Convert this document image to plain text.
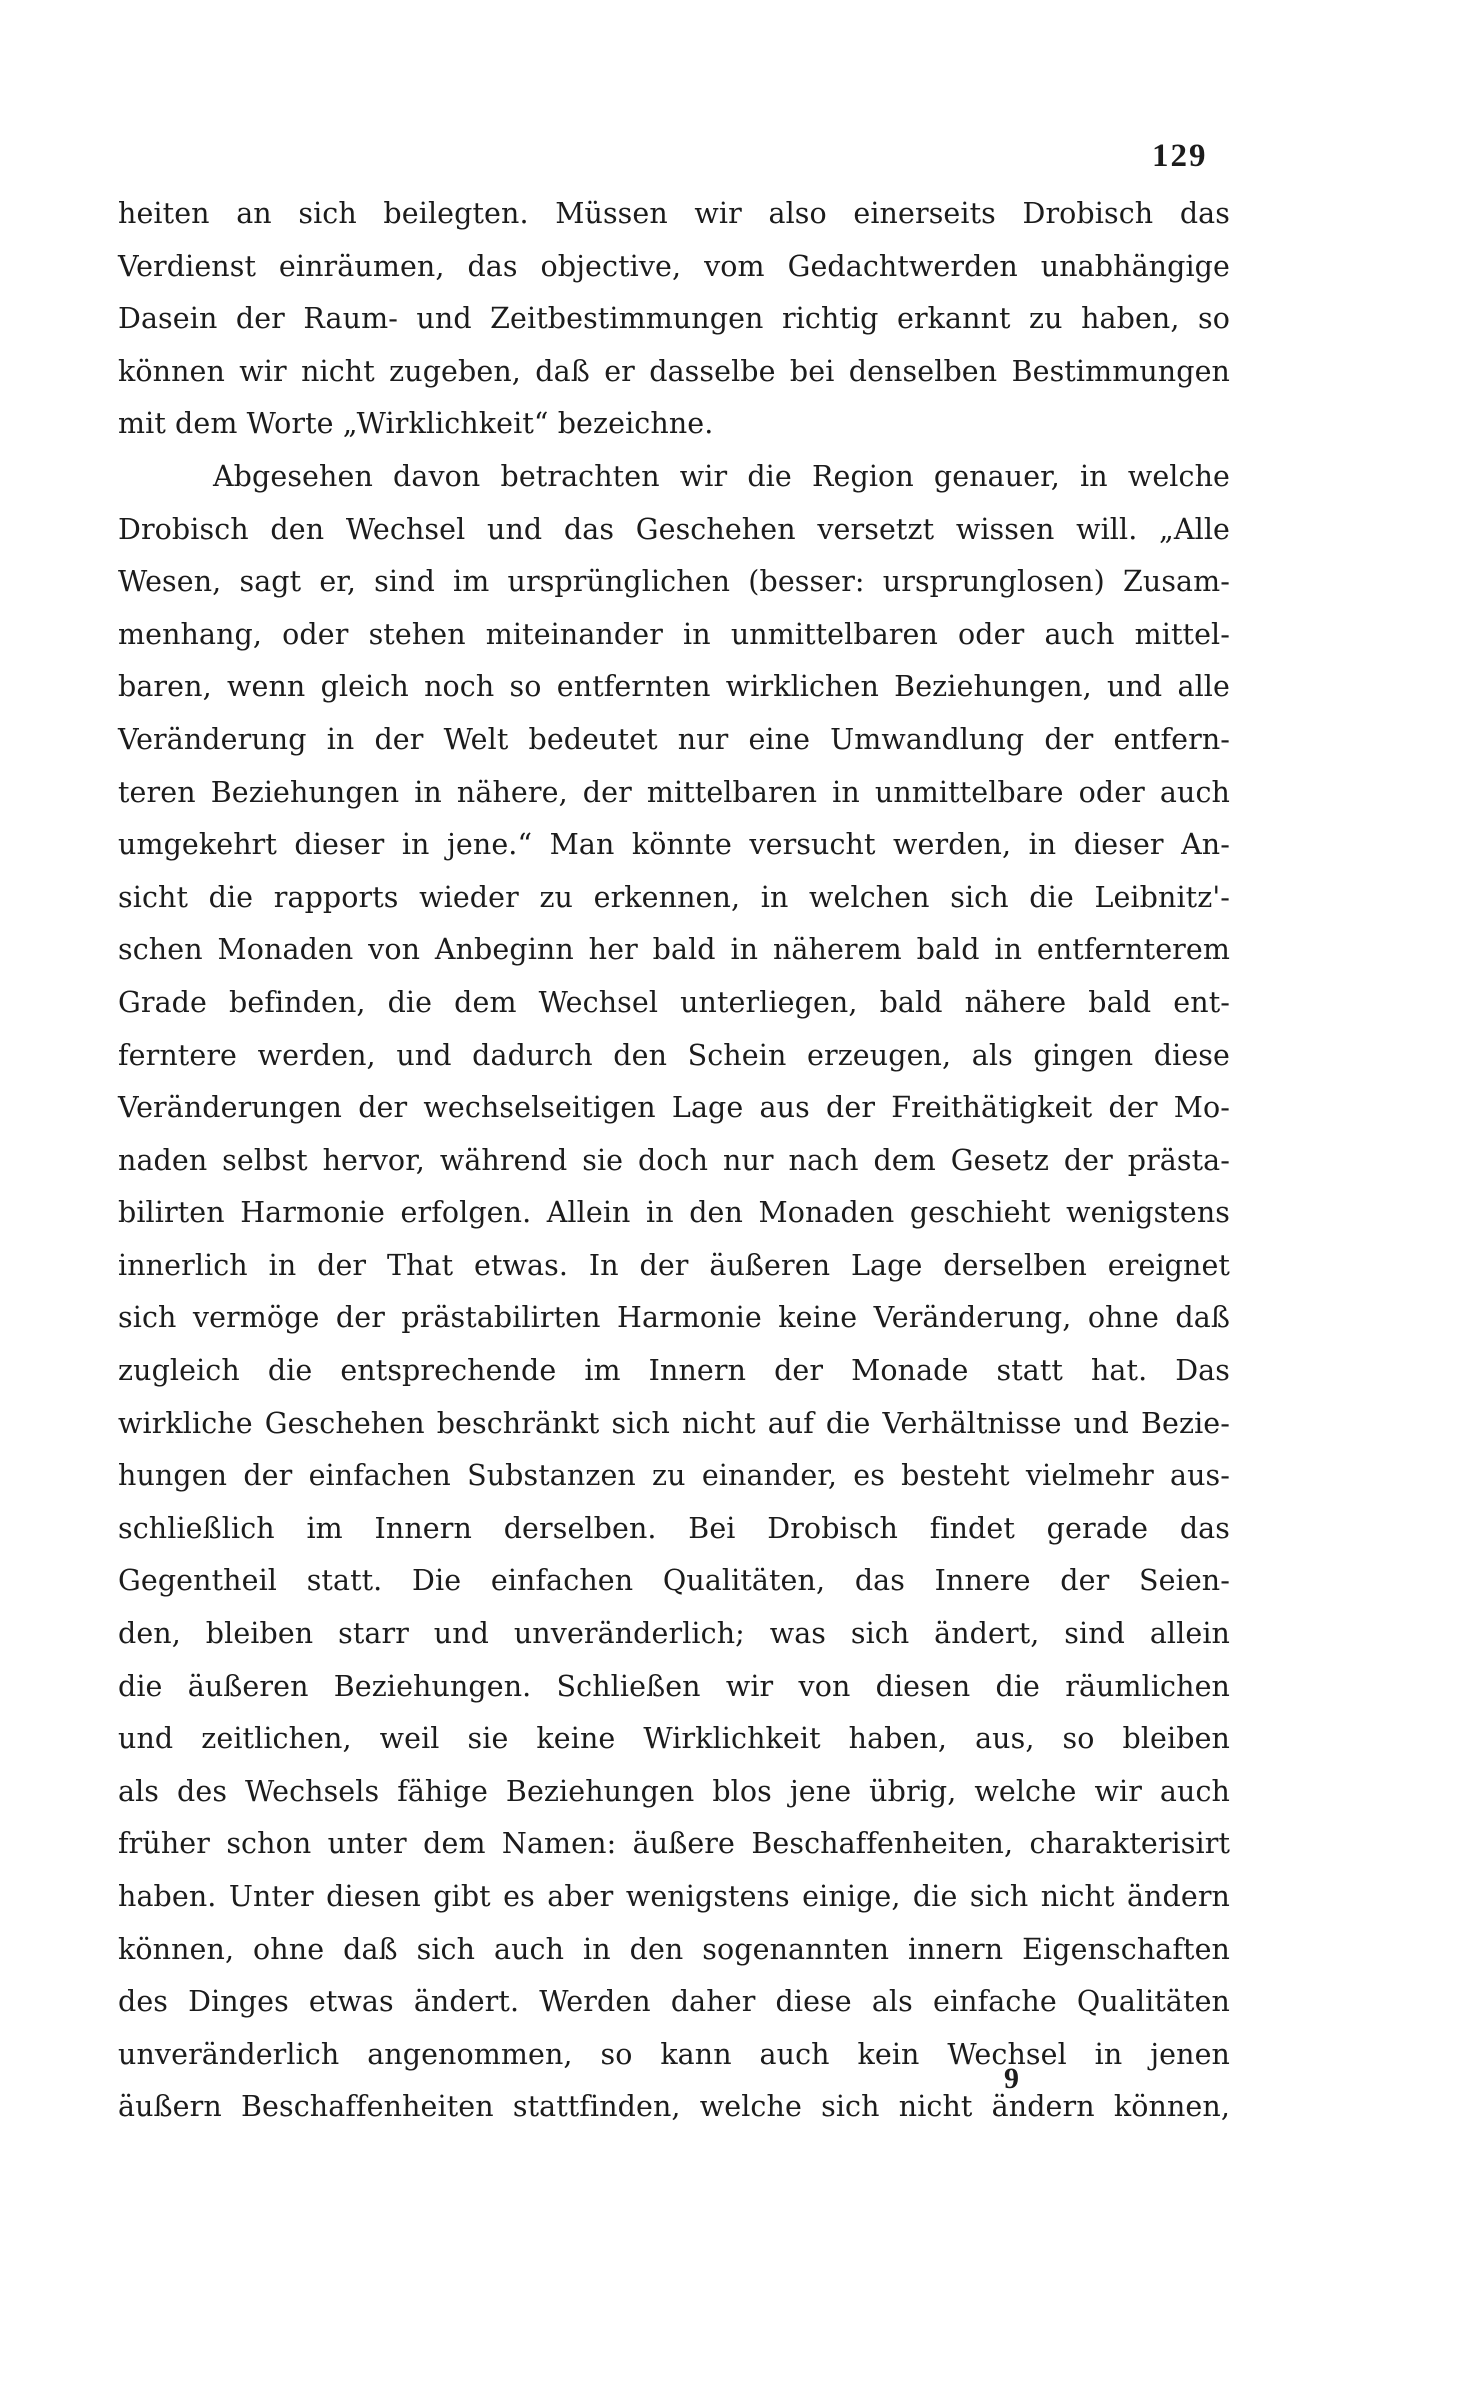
129
heiten an sich beilegten. Müssen wir also einerseits Drobisch das
Verdienst einräumen, das objective, vom Gedachtwerden unabhängige
Dasein der Raum- und Zeitbestimmungen richtig erkannt zu haben, so
können wir nicht zugeben, daß er dasselbe bei denselben Bestimmungen
mit dem Worte „Wirklichkeit“ bezeichne.
Abgesehen davon betrachten wir die Region genauer, in welche
Drobisch den Wechsel und das Geschehen versetzt wissen will. „Alle
Wesen, sagt er, sind im ursprünglichen (besser: ursprunglosen) Zusam-
menhang, oder stehen miteinander in unmittelbaren oder auch mittel-
baren, wenn gleich noch so entfernten wirklichen Beziehungen, und alle
Veränderung in der Welt bedeutet nur eine Umwandlung der entfern-
teren Beziehungen in nähere, der mittelbaren in unmittelbare oder auch
umgekehrt dieser in jene.“ Man könnte versucht werden, in dieser An-
sicht die rapports wieder zu erkennen, in welchen sich die Leibnitz'-
schen Monaden von Anbeginn her bald in näherem bald in entfernterem
Grade befinden, die dem Wechsel unterliegen, bald nähere bald ent-
ferntere werden, und dadurch den Schein erzeugen, als gingen diese
Veränderungen der wechselseitigen Lage aus der Freithätigkeit der Mo-
naden selbst hervor, während sie doch nur nach dem Gesetz der prästa-
bilirten Harmonie erfolgen. Allein in den Monaden geschieht wenigstens
innerlich in der That etwas. In der äußeren Lage derselben ereignet
sich vermöge der prästabilirten Harmonie keine Veränderung, ohne daß
zugleich die entsprechende im Innern der Monade statt hat. Das
wirkliche Geschehen beschränkt sich nicht auf die Verhältnisse und Bezie-
hungen der einfachen Substanzen zu einander, es besteht vielmehr aus-
schließlich im Innern derselben. Bei Drobisch findet gerade das
Gegentheil statt. Die einfachen Qualitäten, das Innere der Seien-
den, bleiben starr und unveränderlich; was sich ändert, sind allein
die äußeren Beziehungen. Schließen wir von diesen die räumlichen
und zeitlichen, weil sie keine Wirklichkeit haben, aus, so bleiben
als des Wechsels fähige Beziehungen blos jene übrig, welche wir auch
früher schon unter dem Namen: äußere Beschaffenheiten, charakterisirt
haben. Unter diesen gibt es aber wenigstens einige, die sich nicht ändern
können, ohne daß sich auch in den sogenannten innern Eigenschaften
des Dinges etwas ändert. Werden daher diese als einfache Qualitäten
unveränderlich angenommen, so kann auch kein Wechsel in jenen
äußern Beschaffenheiten stattfinden, welche sich nicht ändern können,
9
